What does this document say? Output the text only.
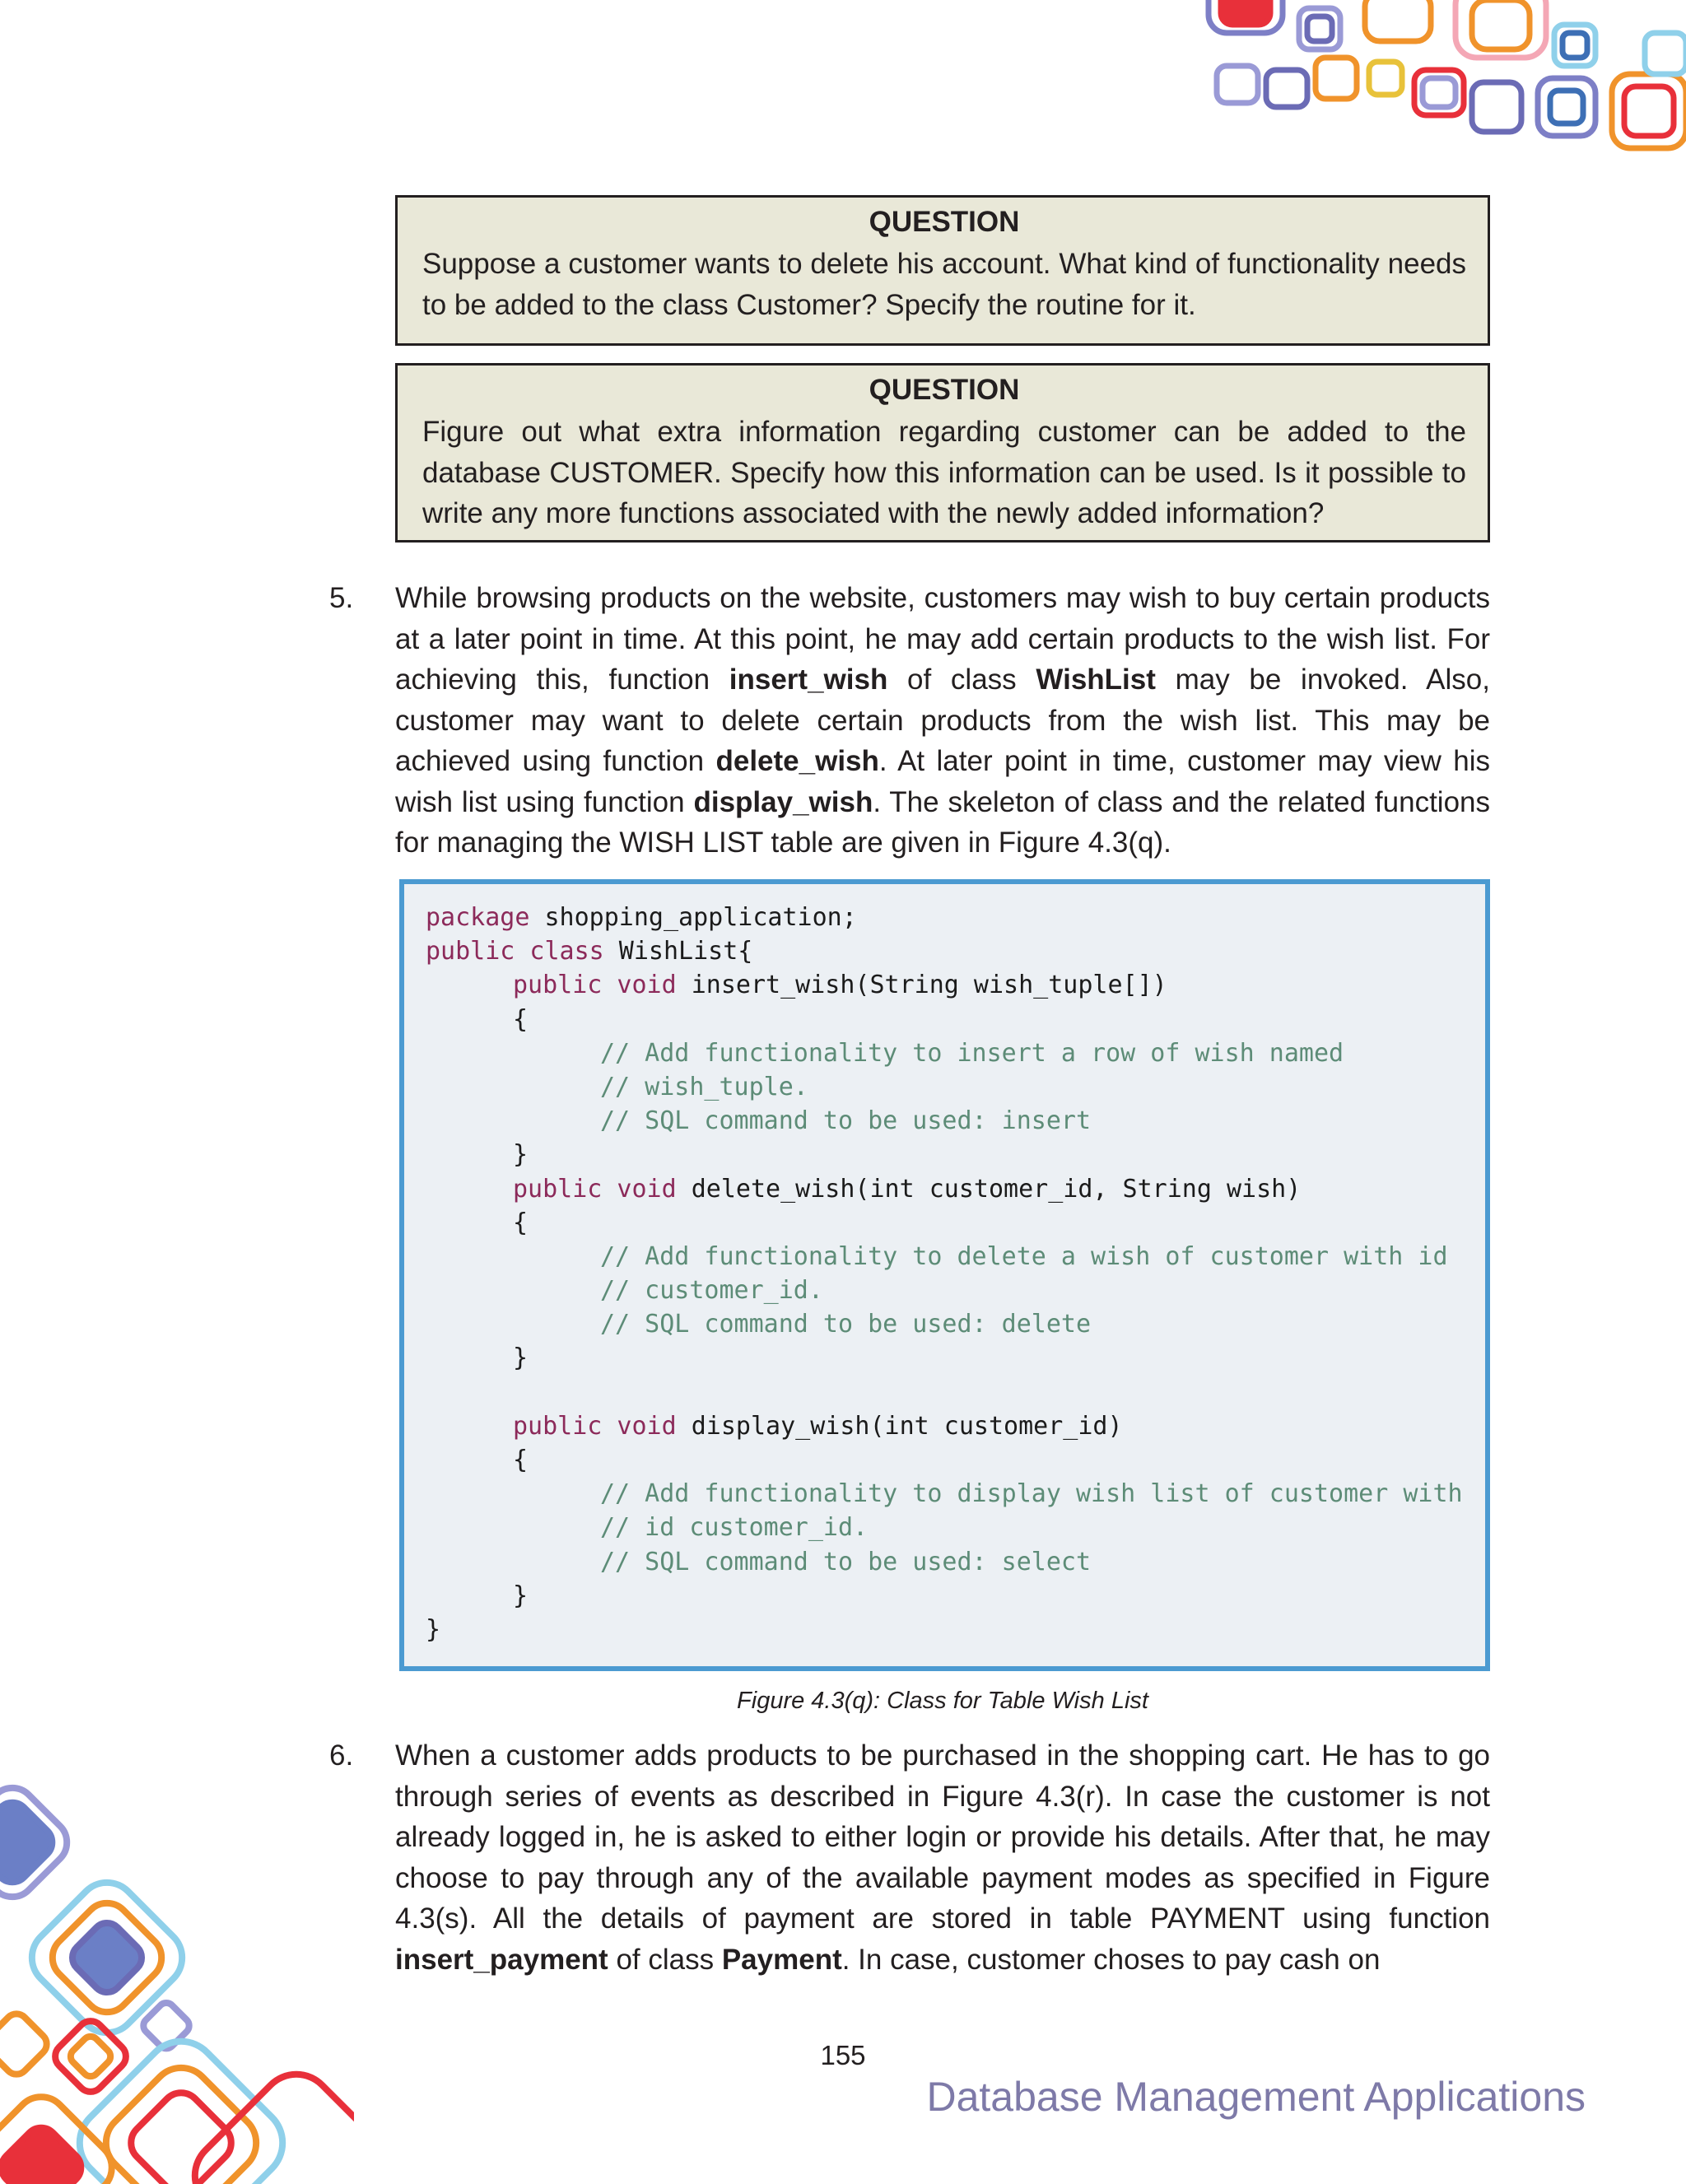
QUESTION

Suppose a customer wants to delete his account. What kind of functionality needs to be added to the class Customer? Specify the routine for it.

QUESTION

Figure out what extra information regarding customer can be added to the database CUSTOMER. Specify how this information can be used. Is it possible to write any more functions associated with the newly added information?

5. While browsing products on the website, customers may wish to buy certain products at a later point in time. At this point, he may add certain products to the wish list. For achieving this, function insert_wish of class WishList may be invoked. Also, customer may want to delete certain products from the wish list. This may be achieved using function delete_wish. At later point in time, customer may view his wish list using function display_wish. The skeleton of class and the related functions for managing the WISH LIST table are given in Figure 4.3(q).
package shopping_application;
public class WishList{
public void insert_wish(String wish_tuple[])
{
// Add functionality to insert a row of wish named
// wish_tuple.
// SQL command to be used: insert
}
public void delete_wish(int customer_id, String wish)
{
// Add functionality to delete a wish of customer with id
// customer_id.
// SQL command to be used: delete
}
public void display_wish(int customer_id)
{
// Add functionality to display wish list of customer with
// id customer_id.
// SQL command to be used: select
}
}
Figure 4.3(q): Class for Table Wish List
6. When a customer adds products to be purchased in the shopping cart. He has to go through series of events as described in Figure 4.3(r). In case the customer is not already logged in, he is asked to either login or provide his details. After that, he may choose to pay through any of the available payment modes as specified in Figure 4.3(s). All the details of payment are stored in table PAYMENT using function insert_payment of class Payment. In case, customer choses to pay cash on
155
Database Management Applications
